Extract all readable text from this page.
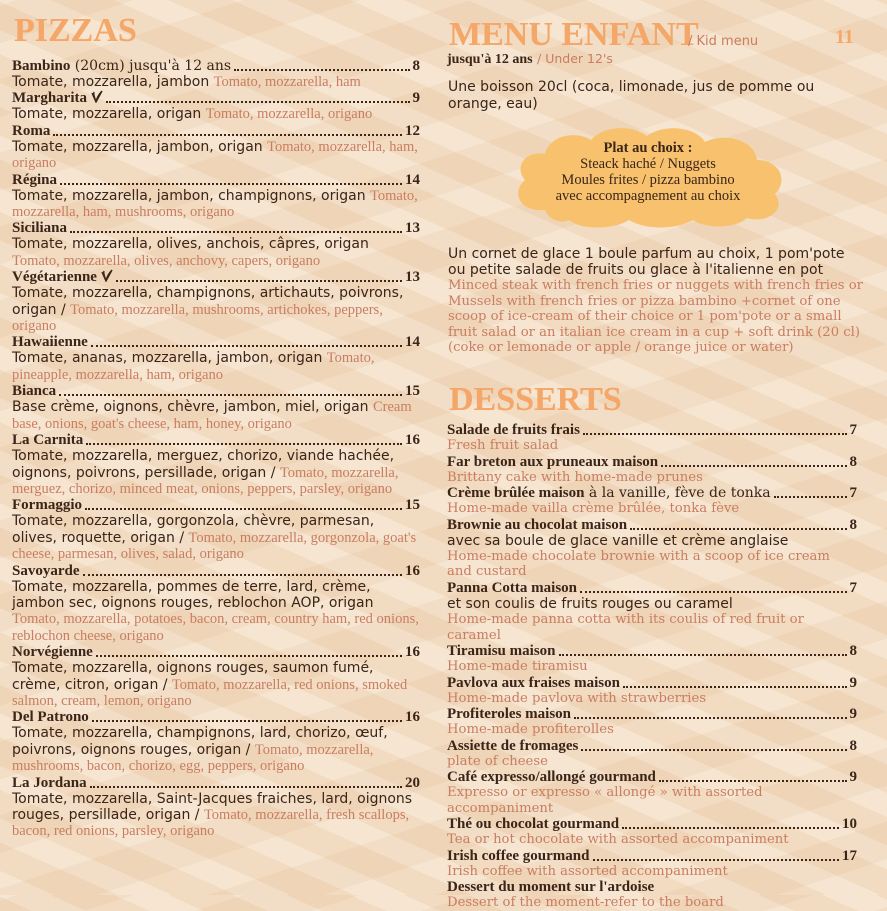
PIZZAS
Bambino (20cm) jusqu'à 12 ans	8
Tomate, mozzarella, jambon Tomato, mozzarella, ham
Margharita	9
Tomate, mozzarella, origan Tomato, mozzarella, origano
Roma	12
Tomate, mozzarella, jambon, origan Tomato, mozzarella, ham, origano
Régina	14
Tomate, mozzarella, jambon, champignons, origan Tomato, mozzarella, ham, mushrooms, origano
Siciliana	13
Tomate, mozzarella, olives, anchois, câpres, origan Tomato, mozzarella, olives, anchovy, capers, origano
Végétarienne	13
Tomate, mozzarella, champignons, artichauts, poivrons, origan / Tomato, mozzarella, mushrooms, artichokes, peppers, origano
Hawaiienne	14
Tomate, ananas, mozzarella, jambon, origan Tomato, pineapple, mozzarella, ham, origano
Bianca	15
Base crème, oignons, chèvre, jambon, miel, origan Cream base, onions, goat's cheese, ham, honey, origano
La Carnita	16
Tomate, mozzarella, merguez, chorizo, viande hachée, oignons, poivrons, persillade, origan / Tomato, mozzarella, merguez, chorizo, minced meat, onions, peppers, parsley, origano
Formaggio	15
Tomate, mozzarella, gorgonzola, chèvre, parmesan, olives, roquette, origan / Tomato, mozzarella, gorgonzola, goat's cheese, parmesan, olives, salad, origano
Savoyarde	16
Tomate, mozzarella, pommes de terre, lard, crème, jambon sec, oignons rouges, reblochon AOP, origan Tomato, mozzarella, potatoes, bacon, cream, country ham, red onions, reblochon cheese, origano
Norvégienne	16
Tomate, mozzarella, oignons rouges, saumon fumé, crème, citron, origan / Tomato, mozzarella, red onions, smoked salmon, cream, lemon, origano
Del Patrono	16
Tomate, mozzarella, champignons, lard, chorizo, œuf, poivrons, oignons rouges, origan / Tomato, mozzarella, mushrooms, bacon, chorizo, egg, peppers, origano
La Jordana	20
Tomate, mozzarella, Saint-Jacques fraiches, lard, oignons rouges, persillade, origan / Tomato, mozzarella, fresh scallops, bacon, red onions, parsley, origano
MENU ENFANT
/ Kid menu	11
jusqu'à 12 ans / Under 12's
Une boisson 20cl (coca, limonade, jus de pomme ou orange, eau)
Plat au choix :
Steack haché / Nuggets
Moules frites / pizza bambino
avec accompagnement au choix
Un cornet de glace 1 boule parfum au choix, 1 pom'pote ou petite salade de fruits ou glace à l'italienne en pot
Minced steak with french fries or nuggets with french fries or Mussels with french fries or pizza bambino +cornet of one scoop of ice-cream of their choice or 1 pom'pote or a small fruit salad or an italian ice cream in a cup + soft drink (20 cl) (coke or lemonade or apple / orange juice or water)
DESSERTS
Salade de fruits frais	7
Fresh fruit salad
Far breton aux pruneaux maison	8
Brittany cake with home-made prunes
Crème brûlée maison à la vanille, fève de tonka	7
Home-made vailla crème brûlée, tonka fève
Brownie au chocolat maison	8
avec sa boule de glace vanille et crème anglaise
Home-made chocolate brownie with a scoop of ice cream and custard
Panna Cotta maison	7
et son coulis de fruits rouges ou caramel
Home-made panna cotta with its coulis of red fruit or caramel
Tiramisu maison	8
Home-made tiramisu
Pavlova aux fraises maison	9
Home-made pavlova with strawberries
Profiteroles maison	9
Home-made profiterolles
Assiette de fromages	8
plate of cheese
Café expresso/allongé gourmand	9
Expresso or expresso « allongé » with assorted accompaniment
Thé ou chocolat gourmand	10
Tea or hot chocolate with assorted accompaniment
Irish coffee gourmand	17
Irish coffee with assorted accompaniment
Dessert du moment sur l'ardoise
Dessert of the moment-refer to the board
